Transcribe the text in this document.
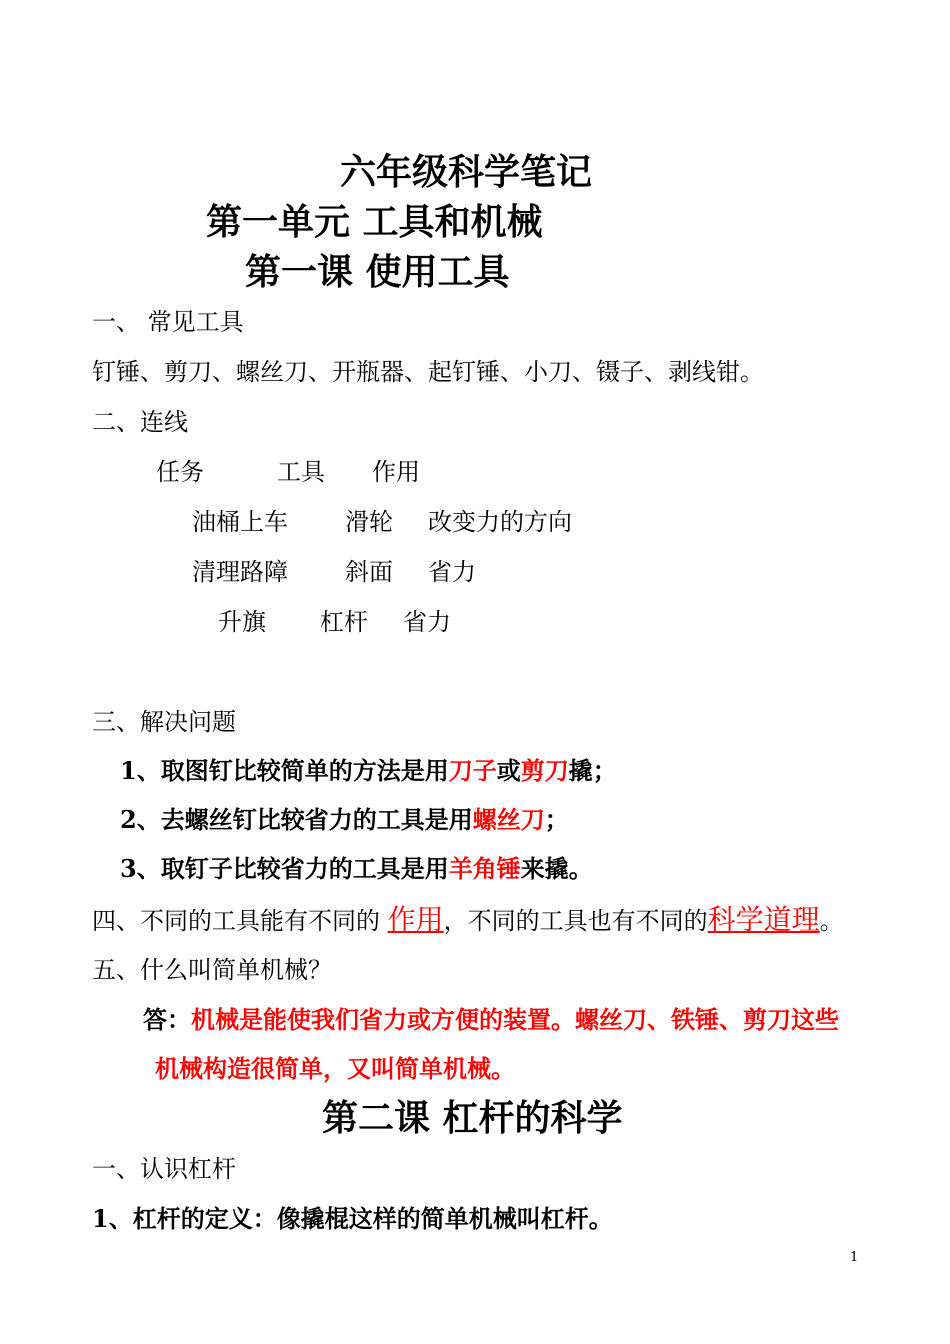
六年级科学笔记
第一单元 工具和机械
第一课 使用工具
一、 常见工具
钉锤、剪刀、螺丝刀、开瓶器、起钉锤、小刀、镊子、剥线钳。
二、连线
任务	工具 作用
油桶上车 滑轮 改变力的方向
清理路障 斜面 省力
升旗 杠杆 省力
三、解决问题
1、取图钉比较简单的方法是用刀子或剪刀撬；
2、去螺丝钉比较省力的工具是用螺丝刀；
3、取钉子比较省力的工具是用羊角锤来撬。
四、不同的工具能有不同的 作用，不同的工具也有不同的科学道理。
五、什么叫简单机械？
答：机械是能使我们省力或方便的装置。螺丝刀、铁锤、剪刀这些
机械构造很简单，又叫简单机械。
第二课 杠杆的科学
一、认识杠杆
1、杠杆的定义：像撬棍这样的简单机械叫杠杆。
1
